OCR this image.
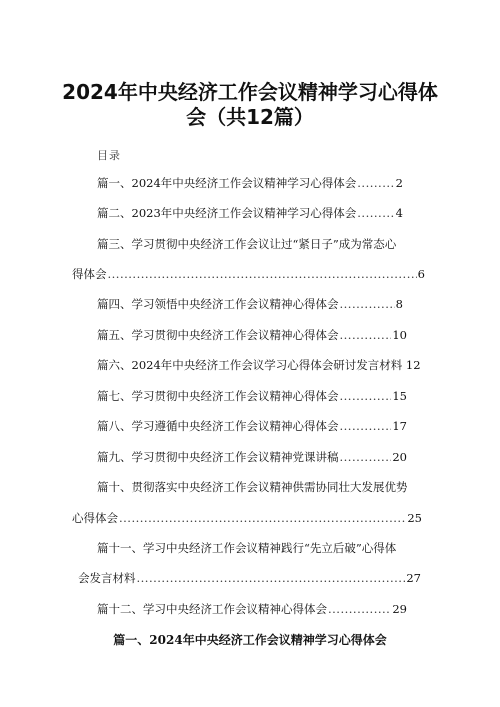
2024年中央经济工作会议精神学习心得体
会（共12篇）
目录
篇一、2024年中央经济工作会议精神学习心得体会 .....	2
篇二、2023年中央经济工作会议精神学习心得体会 .....	4
篇三、学习贯彻中央经济工作会议让过“紧日子”成为常态心
得体会 .....	6
篇四、学习领悟中央经济工作会议精神心得体会 .....	8
篇五、学习贯彻中央经济工作会议精神心得体会 .....	10
篇六、2024年中央经济工作会议学习心得体会研讨发言材料 12
篇七、学习贯彻中央经济工作会议精神心得体会 .....	15
篇八、学习遵循中央经济工作会议精神心得体会 .....	17
篇九、学习贯彻中央经济工作会议精神党课讲稿 .....	20
篇十、贯彻落实中央经济工作会议精神供需协同壮大发展优势
心得体会 .....	25
篇十一、学习中央经济工作会议精神践行“先立后破”心得体
会发言材料 .....	27
篇十二、学习中央经济工作会议精神心得体会 .....	29
篇一、2024年中央经济工作会议精神学习心得体会
